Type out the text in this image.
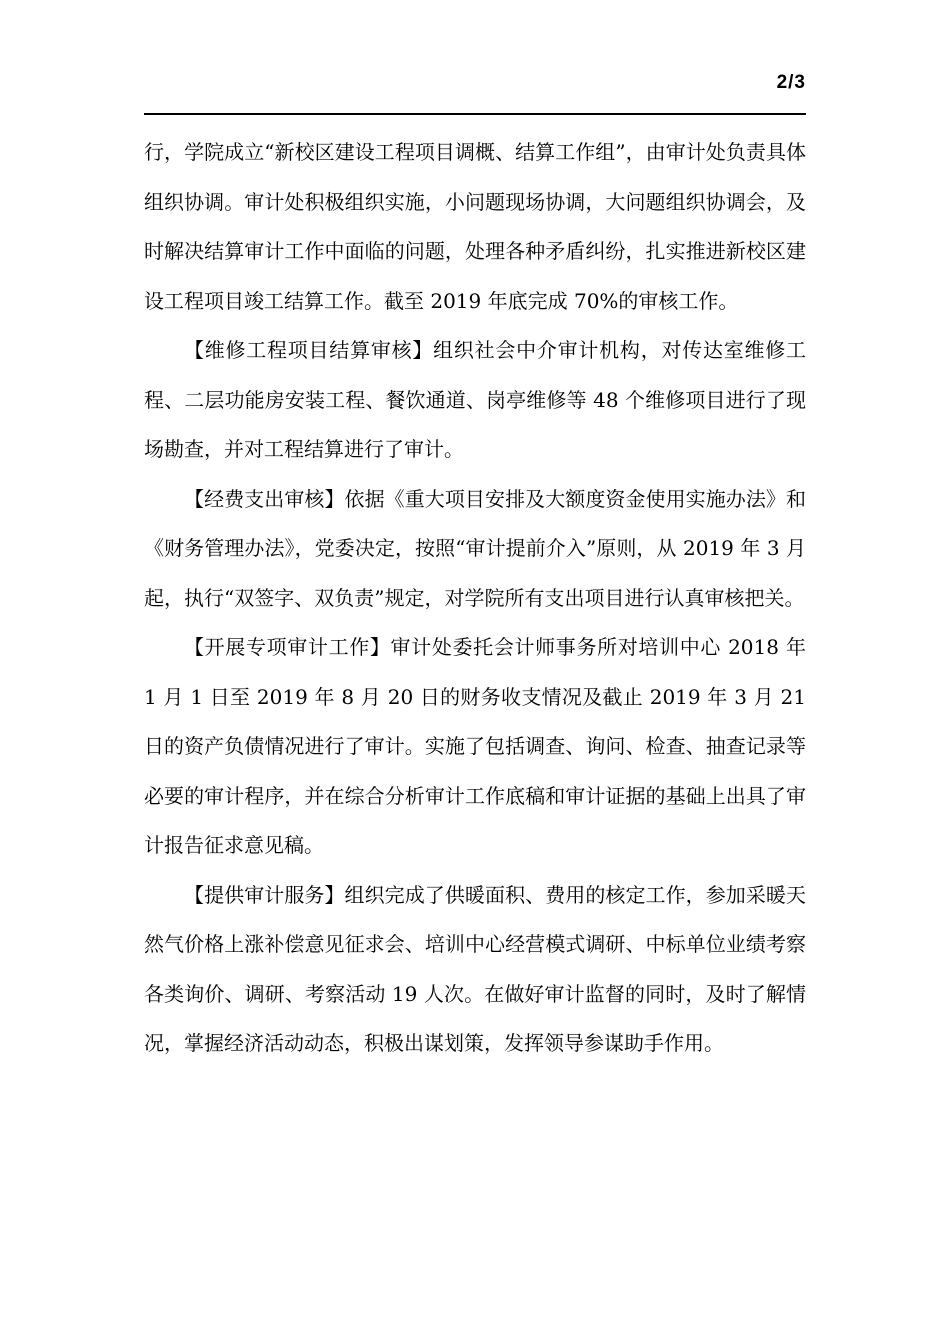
2/3

行，学院成立“新校区建设工程项目调概、结算工作组”，由审计处负责具体组织协调。审计处积极组织实施，小问题现场协调，大问题组织协调会，及时解决结算审计工作中面临的问题，处理各种矛盾纠纷，扎实推进新校区建设工程项目竣工结算工作。截至 2019 年底完成 70%的审核工作。

【维修工程项目结算审核】组织社会中介审计机构，对传达室维修工程、二层功能房安装工程、餐饮通道、岗亭维修等 48 个维修项目进行了现场勘查，并对工程结算进行了审计。

【经费支出审核】依据《重大项目安排及大额度资金使用实施办法》和《财务管理办法》，党委决定，按照“审计提前介入”原则，从 2019 年 3 月起，执行“双签字、双负责”规定，对学院所有支出项目进行认真审核把关。

【开展专项审计工作】审计处委托会计师事务所对培训中心 2018 年 1 月 1 日至 2019 年 8 月 20 日的财务收支情况及截止 2019 年 3 月 21 日的资产负债情况进行了审计。实施了包括调查、询问、检查、抽查记录等必要的审计程序，并在综合分析审计工作底稿和审计证据的基础上出具了审计报告征求意见稿。

【提供审计服务】组织完成了供暖面积、费用的核定工作，参加采暖天然气价格上涨补偿意见征求会、培训中心经营模式调研、中标单位业绩考察各类询价、调研、考察活动 19 人次。在做好审计监督的同时，及时了解情况，掌握经济活动动态，积极出谋划策，发挥领导参谋助手作用。
